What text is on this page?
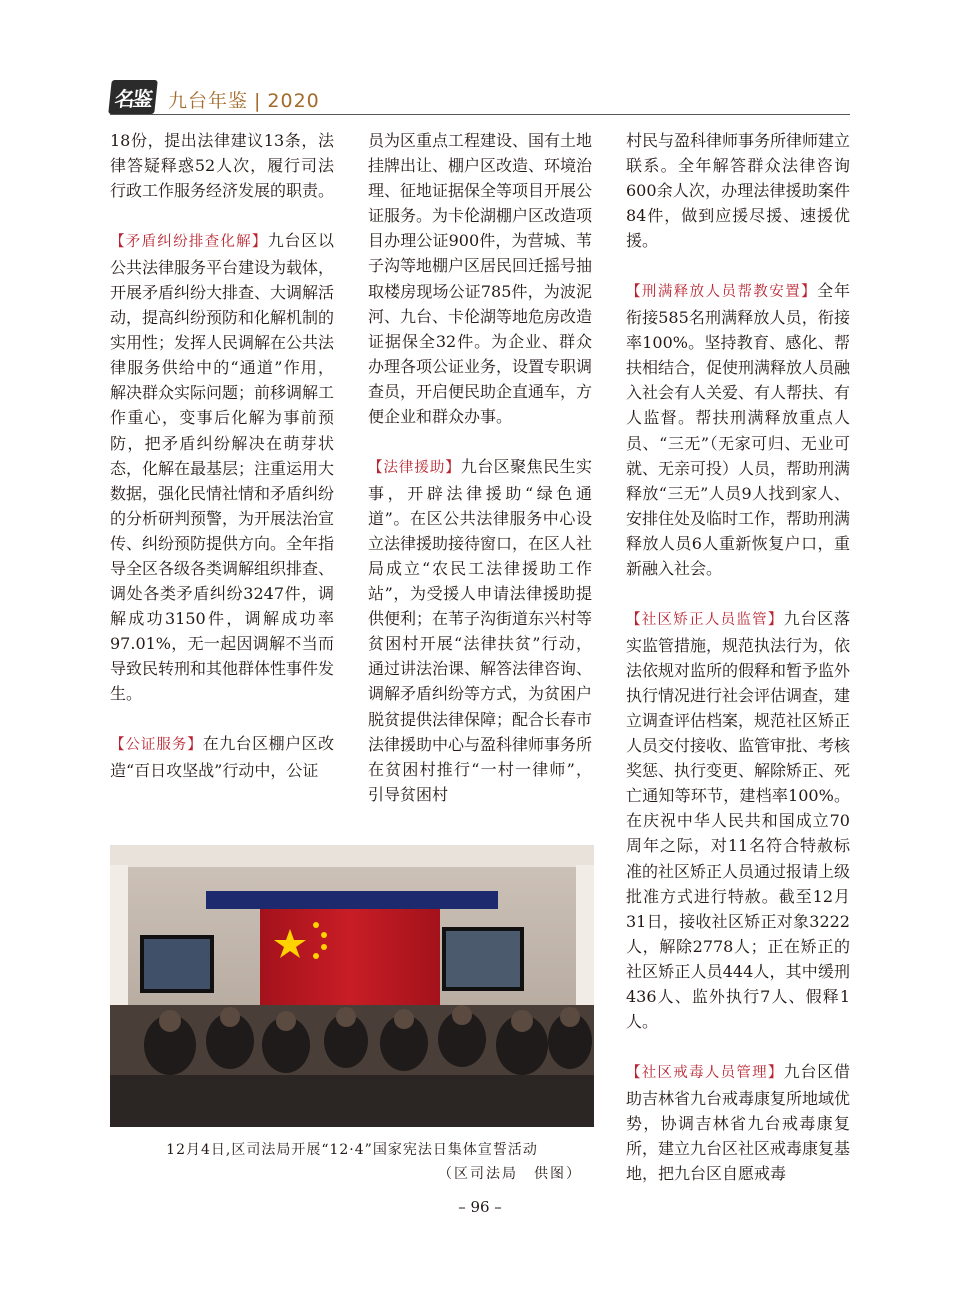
名鉴 九台年鉴 | 2020

18份，提出法律建议13条，法律答疑释惑52人次，履行司法行政工作服务经济发展的职责。

【矛盾纠纷排查化解】九台区以公共法律服务平台建设为载体，开展矛盾纠纷大排查、大调解活动，提高纠纷预防和化解机制的实用性；发挥人民调解在公共法律服务供给中的“通道”作用，解决群众实际问题；前移调解工作重心，变事后化解为事前预防，把矛盾纠纷解决在萌芽状态，化解在最基层；注重运用大数据，强化民情社情和矛盾纠纷的分析研判预警，为开展法治宣传、纠纷预防提供方向。全年指导全区各级各类调解组织排查、调处各类矛盾纠纷3247件，调解成功3150件，调解成功率97.01%，无一起因调解不当而导致民转刑和其他群体性事件发生。

【公证服务】在九台区棚户区改造“百日攻坚战”行动中，公证

员为区重点工程建设、国有土地挂牌出让、棚户区改造、环境治理、征地证据保全等项目开展公证服务。为卡伦湖棚户区改造项目办理公证900件，为营城、苇子沟等地棚户区居民回迁摇号抽取楼房现场公证785件，为波泥河、九台、卡伦湖等地危房改造证据保全32件。为企业、群众办理各项公证业务，设置专职调查员，开启便民助企直通车，方便企业和群众办事。

【法律援助】九台区聚焦民生实事，开辟法律援助“绿色通道”。在区公共法律服务中心设立法律援助接待窗口，在区人社局成立“农民工法律援助工作站”，为受援人申请法律援助提供便利；在苇子沟街道东兴村等贫困村开展“法律扶贫”行动，通过讲法治课、解答法律咨询、调解矛盾纠纷等方式，为贫困户脱贫提供法律保障；配合长春市法律援助中心与盈科律师事务所在贫困村推行“一村一律师”，引导贫困村

村民与盈科律师事务所律师建立联系。全年解答群众法律咨询600余人次，办理法律援助案件84件，做到应援尽援、速援优援。

【刑满释放人员帮教安置】全年衔接585名刑满释放人员，衔接率100%。坚持教育、感化、帮扶相结合，促使刑满释放人员融入社会有人关爱、有人帮扶、有人监督。帮扶刑满释放重点人员、“三无”（无家可归、无业可就、无亲可投）人员，帮助刑满释放“三无”人员9人找到家人、安排住处及临时工作，帮助刑满释放人员6人重新恢复户口，重新融入社会。

【社区矫正人员监管】九台区落实监管措施，规范执法行为，依法依规对监所的假释和暂予监外执行情况进行社会评估调查，建立调查评估档案，规范社区矫正人员交付接收、监管审批、考核奖惩、执行变更、解除矫正、死亡通知等环节，建档率100%。在庆祝中华人民共和国成立70周年之际，对11名符合特赦标准的社区矫正人员通过报请上级批准方式进行特赦。截至12月31日，接收社区矫正对象3222人，解除2778人；正在矫正的社区矫正人员444人，其中缓刑436人、监外执行7人、假释1人。

【社区戒毒人员管理】九台区借助吉林省九台戒毒康复所地域优势，协调吉林省九台戒毒康复所，建立九台区社区戒毒康复基地，把九台区自愿戒毒

12月4日,区司法局开展“12·4”国家宪法日集体宣誓活动
（区司法局　供图）
– 96 –
